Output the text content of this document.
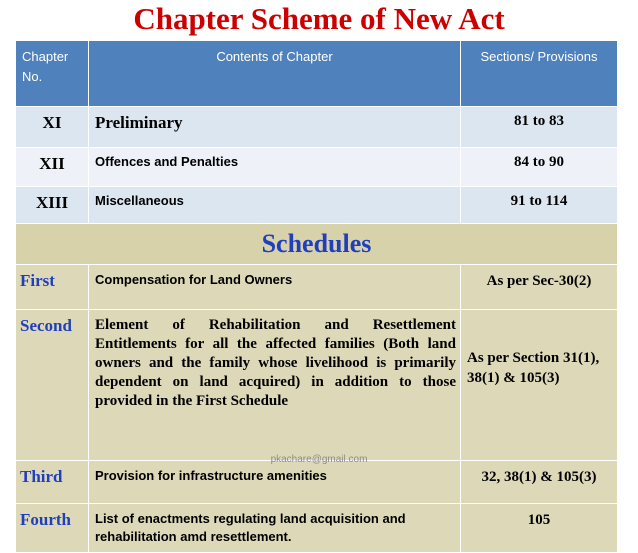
Chapter Scheme of New Act
Chapter No.	Contents of Chapter	Sections/ Provisions
XI	Preliminary	81 to 83
XII	Offences and Penalties	84 to 90
XIII	Miscellaneous	91 to 114
Schedules		
First	Compensation for Land Owners	As per Sec-30(2)
Second	Element of Rehabilitation and Resettlement Entitlements for all the affected families (Both land owners and the family whose livelihood is primarily dependent on land acquired) in addition to those provided in the First Schedule	As per Section 31(1), 38(1) & 105(3)
Third	Provision for infrastructure amenities	32, 38(1) & 105(3)
Fourth	List of enactments regulating land acquisition and rehabilitation amd resettlement.	105
pkachare@gmail.com
